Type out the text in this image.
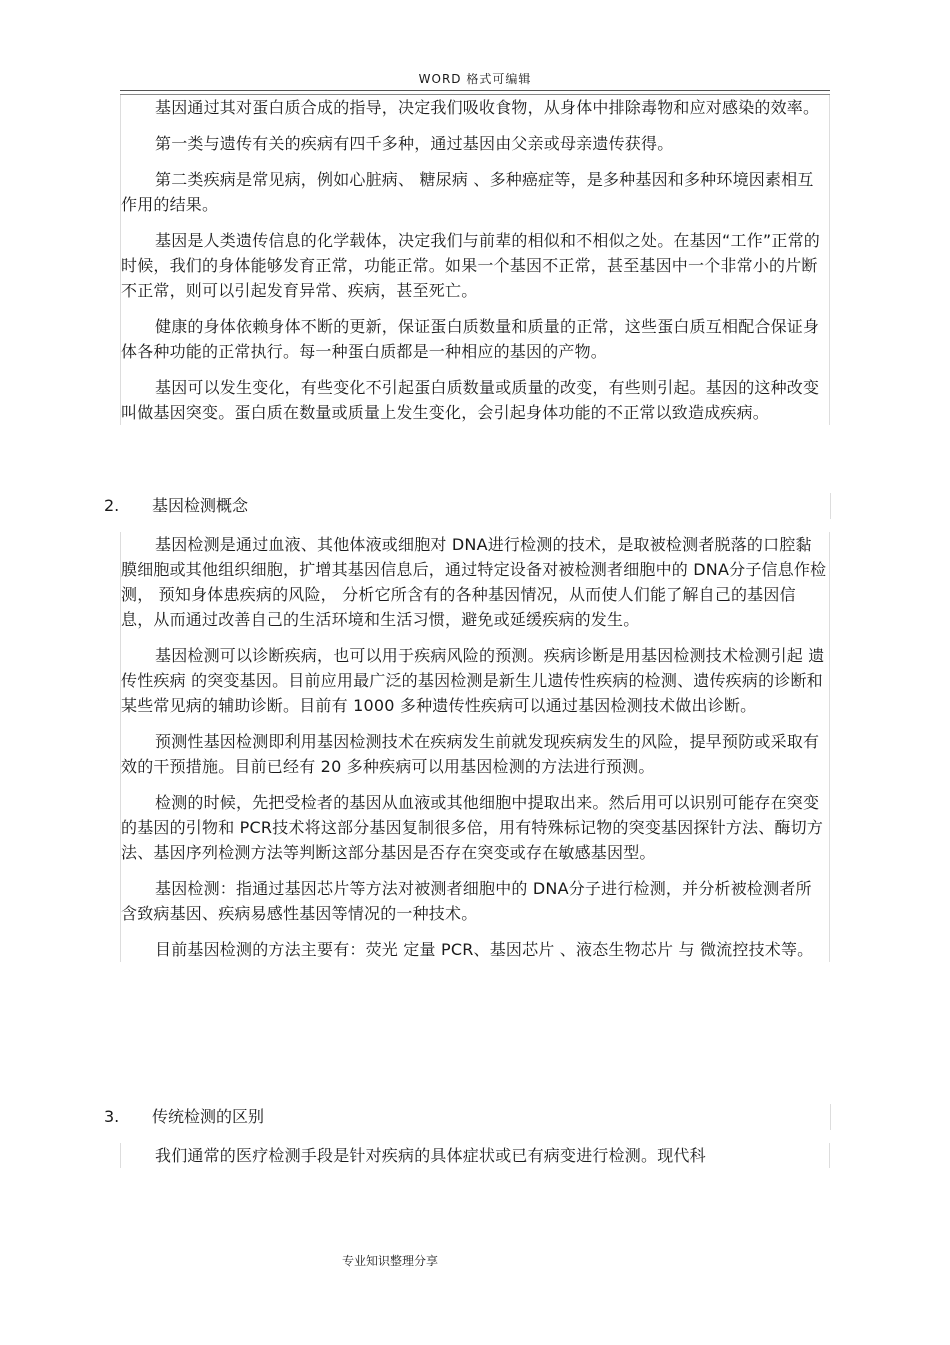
WORD 格式可编辑

基因通过其对蛋白质合成的指导，决定我们吸收食物，从身体中排除毒物和应对感染的效率。

第一类与遗传有关的疾病有四千多种，通过基因由父亲或母亲遗传获得。

第二类疾病是常见病，例如心脏病、 糖尿病 、多种癌症等，是多种基因和多种环境因素相互作用的结果。

基因是人类遗传信息的化学载体，决定我们与前辈的相似和不相似之处。在基因“工作”正常的时候，我们的身体能够发育正常，功能正常。如果一个基因不正常，甚至基因中一个非常小的片断不正常，则可以引起发育异常、疾病，甚至死亡。

健康的身体依赖身体不断的更新，保证蛋白质数量和质量的正常，这些蛋白质互相配合保证身体各种功能的正常执行。每一种蛋白质都是一种相应的基因的产物。

基因可以发生变化，有些变化不引起蛋白质数量或质量的改变，有些则引起。基因的这种改变叫做基因突变。蛋白质在数量或质量上发生变化，会引起身体功能的不正常以致造成疾病。

2. 基因检测概念

基因检测是通过血液、其他体液或细胞对 DNA进行检测的技术，是取被检测者脱落的口腔黏膜细胞或其他组织细胞，扩增其基因信息后，通过特定设备对被检测者细胞中的 DNA分子信息作检测， 预知身体患疾病的风险， 分析它所含有的各种基因情况，从而使人们能了解自己的基因信息，从而通过改善自己的生活环境和生活习惯，避免或延缓疾病的发生。

基因检测可以诊断疾病，也可以用于疾病风险的预测。疾病诊断是用基因检测技术检测引起 遗传性疾病 的突变基因。目前应用最广泛的基因检测是新生儿遗传性疾病的检测、遗传疾病的诊断和某些常见病的辅助诊断。目前有 1000 多种遗传性疾病可以通过基因检测技术做出诊断。

预测性基因检测即利用基因检测技术在疾病发生前就发现疾病发生的风险，提早预防或采取有效的干预措施。目前已经有 20 多种疾病可以用基因检测的方法进行预测。

检测的时候，先把受检者的基因从血液或其他细胞中提取出来。然后用可以识别可能存在突变的基因的引物和 PCR技术将这部分基因复制很多倍，用有特殊标记物的突变基因探针方法、酶切方法、基因序列检测方法等判断这部分基因是否存在突变或存在敏感基因型。

基因检测：指通过基因芯片等方法对被测者细胞中的 DNA分子进行检测，并分析被检测者所含致病基因、疾病易感性基因等情况的一种技术。

目前基因检测的方法主要有：荧光 定量 PCR、基因芯片 、液态生物芯片 与 微流控技术等。

3. 传统检测的区别

我们通常的医疗检测手段是针对疾病的具体症状或已有病变进行检测。现代科

专业知识整理分享
